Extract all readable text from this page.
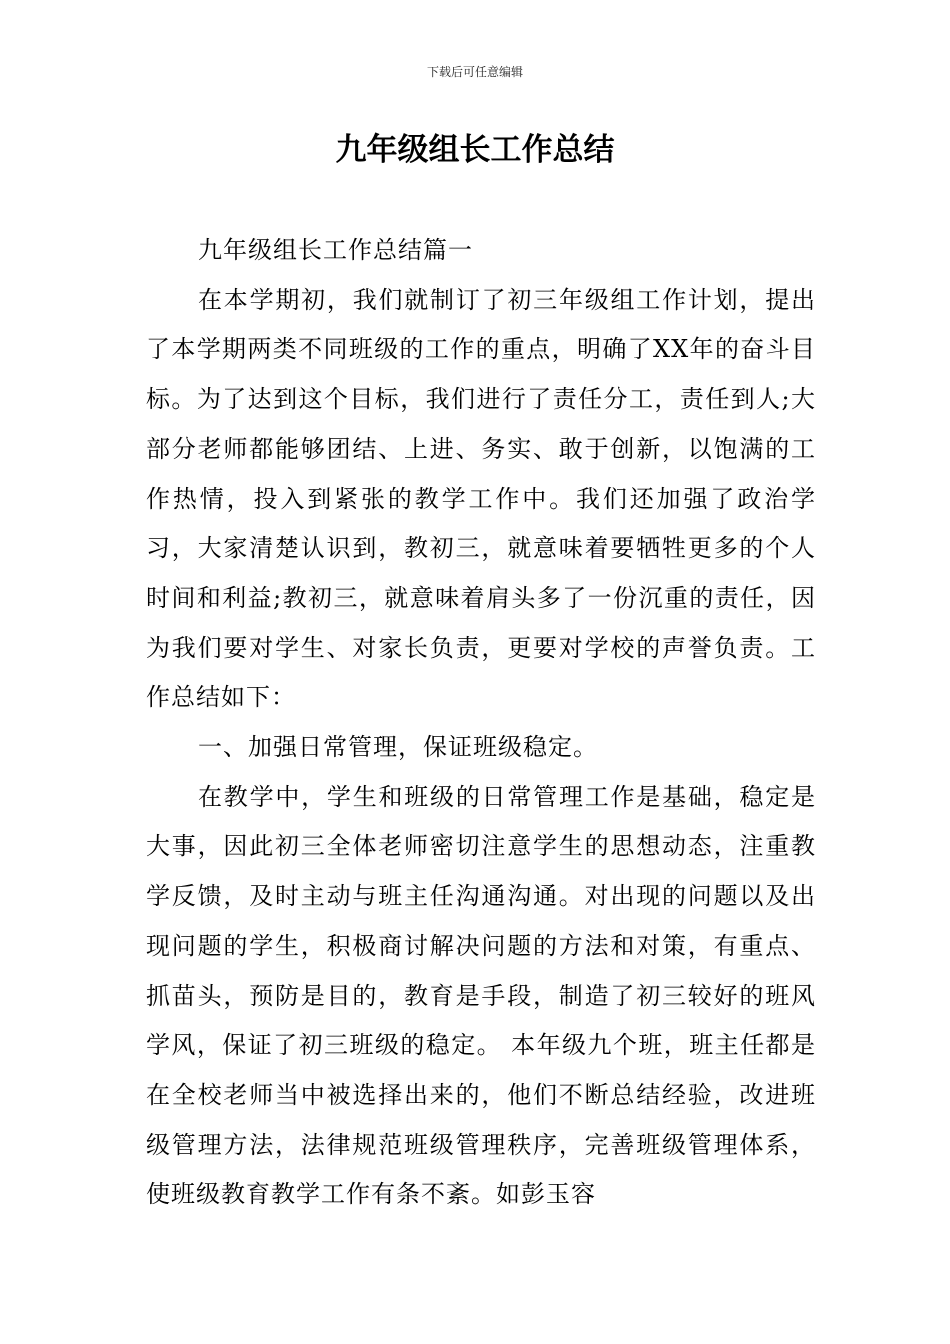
下载后可任意编辑
九年级组长工作总结

九年级组长工作总结篇一

在本学期初，我们就制订了初三年级组工作计划，提出了本学期两类不同班级的工作的重点，明确了XX年的奋斗目标。为了达到这个目标，我们进行了责任分工，责任到人;大部分老师都能够团结、上进、务实、敢于创新，以饱满的工作热情，投入到紧张的教学工作中。我们还加强了政治学习，大家清楚认识到，教初三，就意味着要牺牲更多的个人时间和利益;教初三，就意味着肩头多了一份沉重的责任，因为我们要对学生、对家长负责，更要对学校的声誉负责。工作总结如下：

一、加强日常管理，保证班级稳定。

在教学中，学生和班级的日常管理工作是基础，稳定是大事，因此初三全体老师密切注意学生的思想动态，注重教学反馈，及时主动与班主任沟通沟通。对出现的问题以及出现问题的学生，积极商讨解决问题的方法和对策，有重点、抓苗头，预防是目的，教育是手段，制造了初三较好的班风学风，保证了初三班级的稳定。 本年级九个班，班主任都是在全校老师当中被选择出来的，他们不断总结经验，改进班级管理方法，法律规范班级管理秩序，完善班级管理体系，使班级教育教学工作有条不紊。如彭玉容
